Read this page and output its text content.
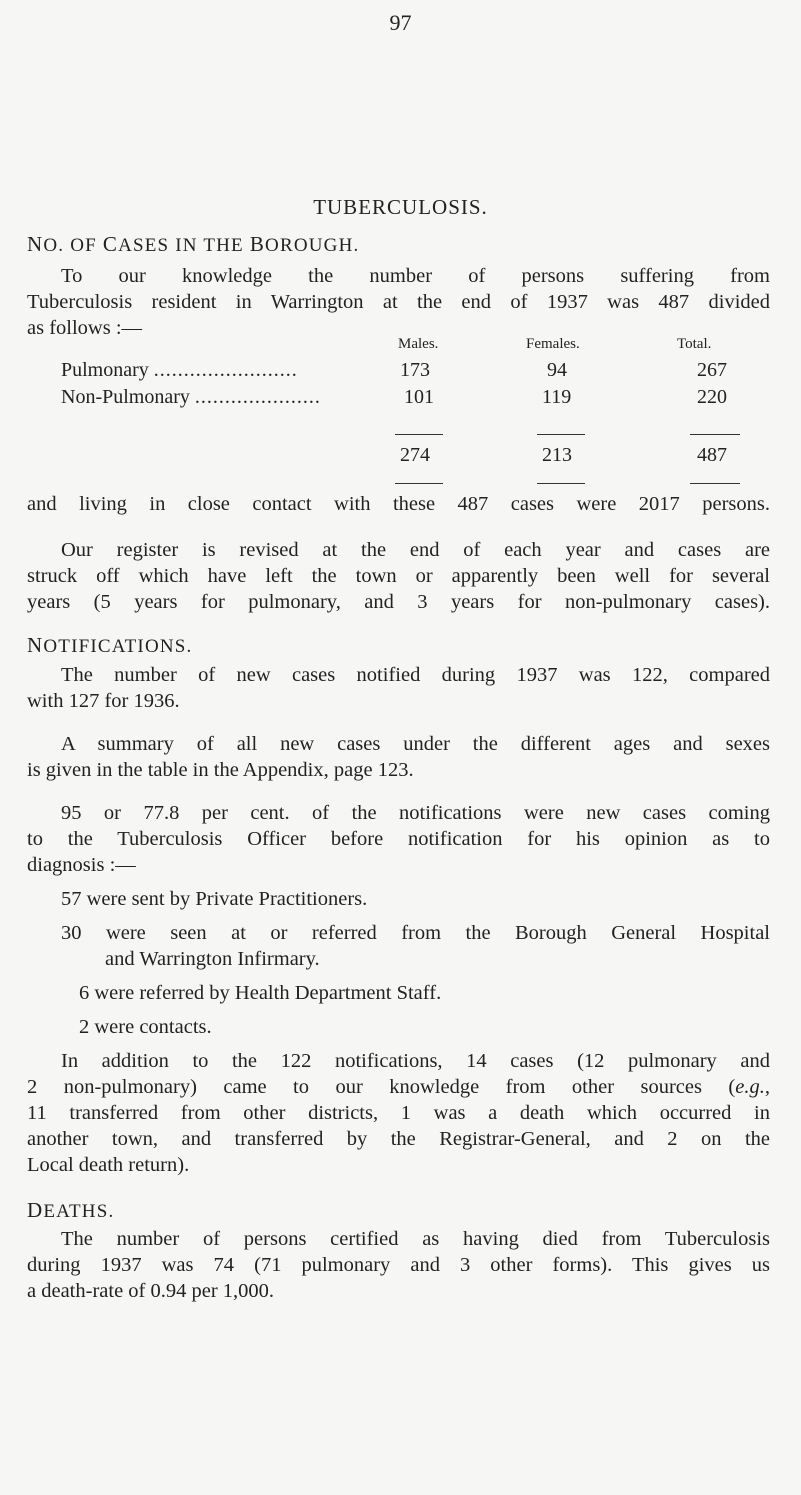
97
TUBERCULOSIS.
NO. OF CASES IN THE BOROUGH.
To our knowledge the number of persons suffering from
Tuberculosis resident in Warrington at the end of 1937 was 487 divided
as follows :—
Males.	Females.	Total.
Pulmonary ........................	173	94	267
Non-Pulmonary .....................	101	119	220
274	213	487
and living in close contact with these 487 cases were 2017 persons.
Our register is revised at the end of each year and cases are
struck off which have left the town or apparently been well for several
years (5 years for pulmonary, and 3 years for non-pulmonary cases).
NOTIFICATIONS.
The number of new cases notified during 1937 was 122, compared
with 127 for 1936.
A summary of all new cases under the different ages and sexes
is given in the table in the Appendix, page 123.
95 or 77.8 per cent. of the notifications were new cases coming
to the Tuberculosis Officer before notification for his opinion as to
diagnosis :—
57 were sent by Private Practitioners.
30 were seen at or referred from the Borough General Hospital
and Warrington Infirmary.
6 were referred by Health Department Staff.
2 were contacts.
In addition to the 122 notifications, 14 cases (12 pulmonary and
2 non-pulmonary) came to our knowledge from other sources (e.g.,
11 transferred from other districts, 1 was a death which occurred in
another town, and transferred by the Registrar-General, and 2 on the
Local death return).
DEATHS.
The number of persons certified as having died from Tuberculosis
during 1937 was 74 (71 pulmonary and 3 other forms). This gives us
a death-rate of 0.94 per 1,000.
